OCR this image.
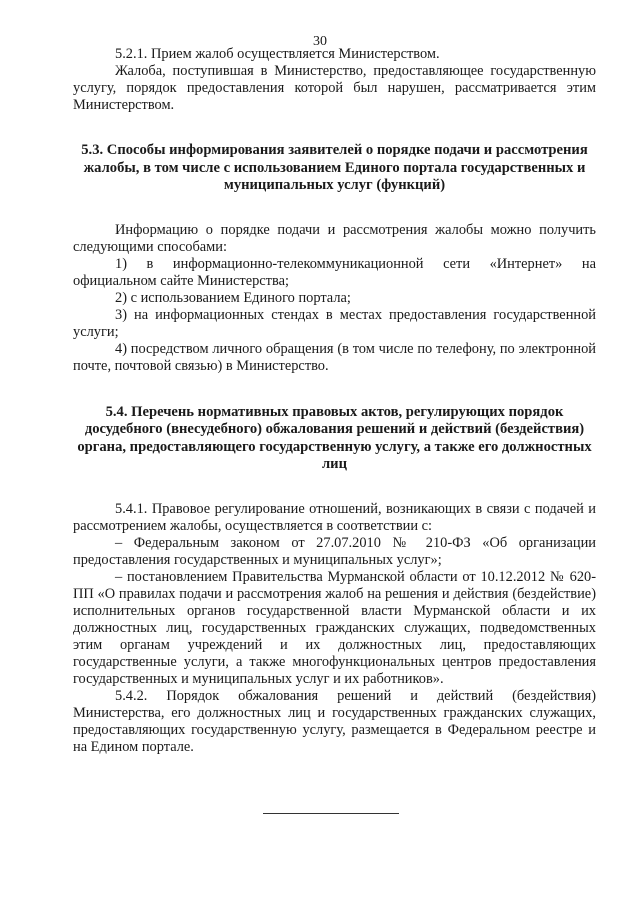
30

5.2.1. Прием жалоб осуществляется Министерством.

Жалоба, поступившая в Министерство, предоставляющее государственную услугу, порядок предоставления которой был нарушен, рассматривается этим Министерством.

5.3. Способы информирования заявителей о порядке подачи и рассмотрения жалобы, в том числе с использованием Единого портала государственных и муниципальных услуг (функций)

Информацию о порядке подачи и рассмотрения жалобы можно получить следующими способами:

1) в информационно-телекоммуникационной сети «Интернет» на официальном сайте Министерства;

2) с использованием Единого портала;

3) на информационных стендах в местах предоставления государственной услуги;

4) посредством личного обращения (в том числе по телефону, по электронной почте, почтовой связью) в Министерство.

5.4. Перечень нормативных правовых актов, регулирующих порядок досудебного (внесудебного) обжалования решений и действий (бездействия) органа, предоставляющего государственную услугу, а также его должностных лиц

5.4.1. Правовое регулирование отношений, возникающих в связи с подачей и рассмотрением жалобы, осуществляется в соответствии с:

– Федеральным законом от 27.07.2010 № 210-ФЗ «Об организации предоставления государственных и муниципальных услуг»;

– постановлением Правительства Мурманской области от 10.12.2012 № 620-ПП «О правилах подачи и рассмотрения жалоб на решения и действия (бездействие) исполнительных органов государственной власти Мурманской области и их должностных лиц, государственных гражданских служащих, подведомственных этим органам учреждений и их должностных лиц, предоставляющих государственные услуги, а также многофункциональных центров предоставления государственных и муниципальных услуг и их работников».

5.4.2. Порядок обжалования решений и действий (бездействия) Министерства, его должностных лиц и государственных гражданских служащих, предоставляющих государственную услугу, размещается в Федеральном реестре и на Едином портале.
